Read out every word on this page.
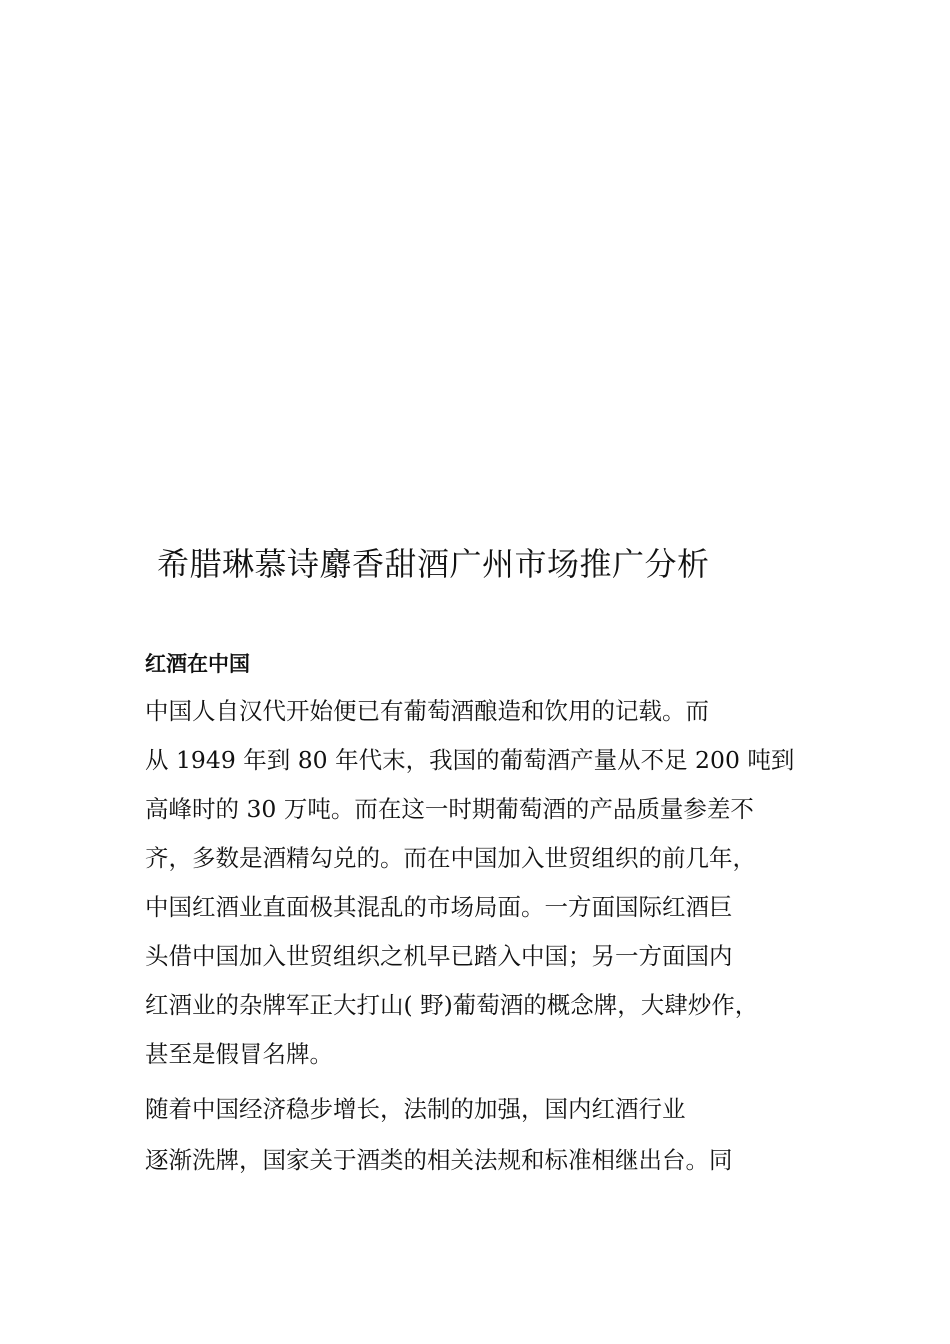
希腊琳慕诗麝香甜酒广州市场推广分析
红酒在中国

中国人自汉代开始便已有葡萄酒酿造和饮用的记载。而

从 1949 年到 80 年代末，我国的葡萄酒产量从不足 200 吨到

高峰时的 30 万吨。而在这一时期葡萄酒的产品质量参差不

齐，多数是酒精勾兑的。而在中国加入世贸组织的前几年，

中国红酒业直面极其混乱的市场局面。一方面国际红酒巨

头借中国加入世贸组织之机早已踏入中国；另一方面国内

红酒业的杂牌军正大打山( 野)葡萄酒的概念牌，大肆炒作，

甚至是假冒名牌。

随着中国经济稳步增长，法制的加强，国内红酒行业

逐渐洗牌，国家关于酒类的相关法规和标准相继出台。同
